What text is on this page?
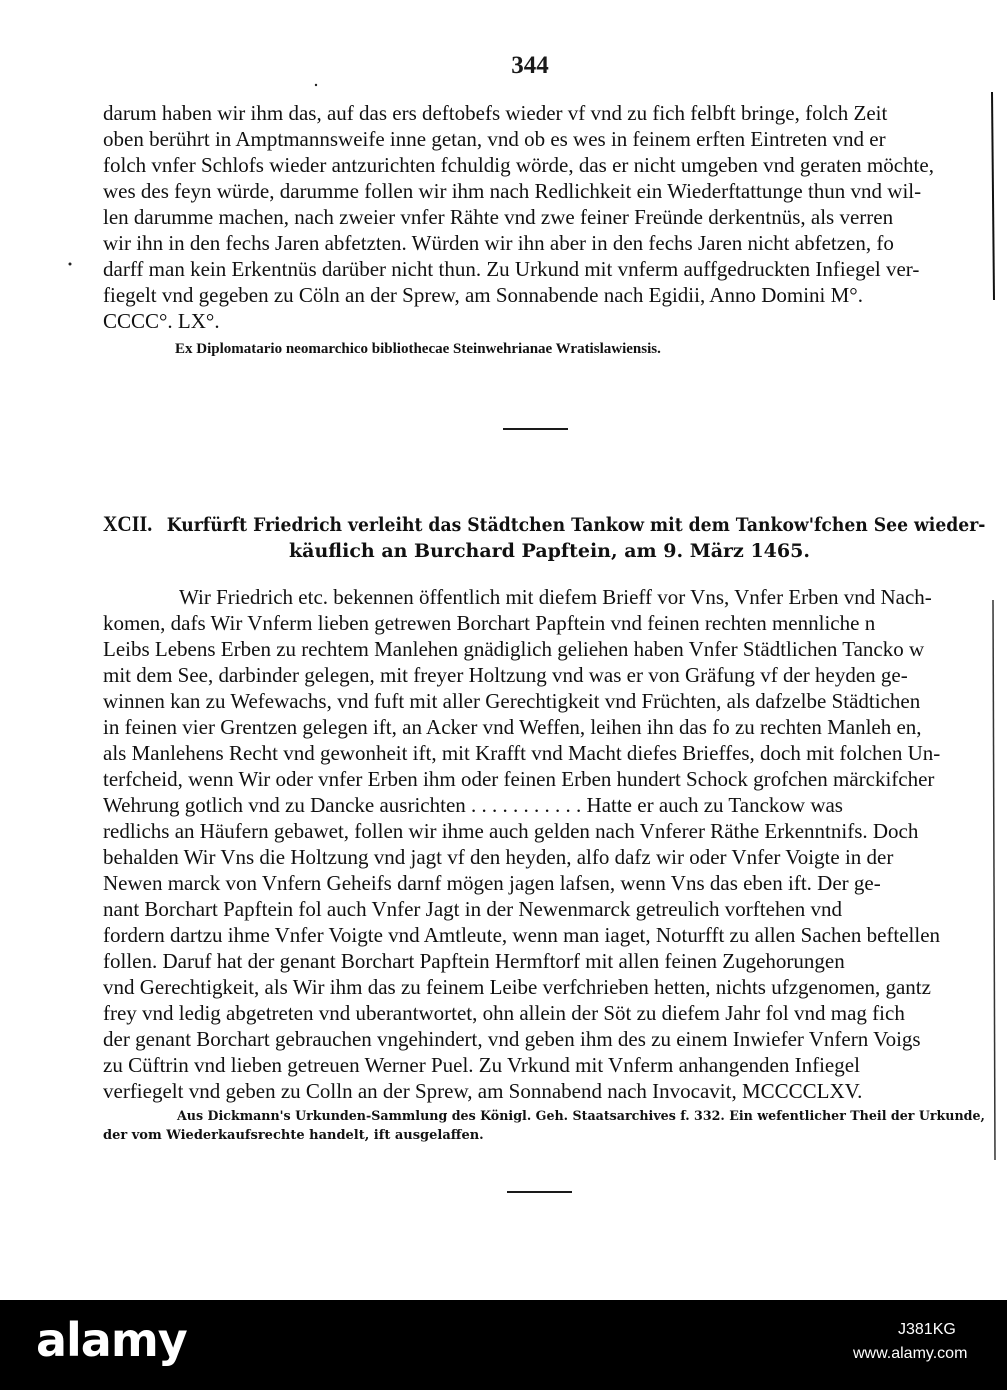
344
darum haben wir ihm das, auf das ers deftobefs wieder vf vnd zu fich felbft bringe, folch Zeit
oben berührt in Amptmannsweife inne getan, vnd ob es wes in feinem erften Eintreten vnd er
folch vnfer Schlofs wieder antzurichten fchuldig wörde, das er nicht umgeben vnd geraten möchte,
wes des feyn würde, darumme follen wir ihm nach Redlichkeit ein Wiederftattunge thun vnd wil-
len darumme machen, nach zweier vnfer Rähte vnd zwe feiner Freünde derkentnüs, als verren
wir ihn in den fechs Jaren abfetzten. Würden wir ihn aber in den fechs Jaren nicht abfetzen, fo
darff man kein Erkentnüs darüber nicht thun. Zu Urkund mit vnferm auffgedruckten Infiegel ver-
fiegelt vnd gegeben zu Cöln an der Sprew, am Sonnabende nach Egidii, Anno Domini M°.
CCCC°. LX°.
Ex Diplomatario neomarchico bibliothecae Steinwehrianae Wratislawiensis.
XCII. Kurfürft Friedrich verleiht das Städtchen Tankow mit dem Tankow'fchen See wieder-
käuflich an Burchard Papftein, am 9. März 1465.
Wir Friedrich etc. bekennen öffentlich mit diefem Brieff vor Vns, Vnfer Erben vnd Nach-
komen, dafs Wir Vnferm lieben getrewen Borchart Papftein vnd feinen rechten mennliche n
Leibs Lebens Erben zu rechtem Manlehen gnädiglich geliehen haben Vnfer Städtlichen Tancko w
mit dem See, darbinder gelegen, mit freyer Holtzung vnd was er von Gräfung vf der heyden ge-
winnen kan zu Wefewachs, vnd fuft mit aller Gerechtigkeit vnd Früchten, als dafzelbe Städtichen
in feinen vier Grentzen gelegen ift, an Acker vnd Weffen, leihen ihn das fo zu rechten Manleh en,
als Manlehens Recht vnd gewonheit ift, mit Krafft vnd Macht diefes Brieffes, doch mit folchen Un-
terfcheid, wenn Wir oder vnfer Erben ihm oder feinen Erben hundert Schock grofchen märckifcher
Wehrung gotlich vnd zu Dancke ausrichten . . . . . . . . . . . Hatte er auch zu Tanckow was
redlichs an Häufern gebawet, follen wir ihme auch gelden nach Vnferer Räthe Erkenntnifs. Doch
behalden Wir Vns die Holtzung vnd jagt vf den heyden, alfo dafz wir oder Vnfer Voigte in der
Newen marck von Vnfern Geheifs darnf mögen jagen lafsen, wenn Vns das eben ift. Der ge-
nant Borchart Papftein fol auch Vnfer Jagt in der Newenmarck getreulich vorftehen vnd
fordern dartzu ihme Vnfer Voigte vnd Amtleute, wenn man iaget, Noturfft zu allen Sachen beftellen
follen. Daruf hat der genant Borchart Papftein Hermftorf mit allen feinen Zugehorungen
vnd Gerechtigkeit, als Wir ihm das zu feinem Leibe verfchrieben hetten, nichts ufzgenomen, gantz
frey vnd ledig abgetreten vnd uberantwortet, ohn allein der Söt zu diefem Jahr fol vnd mag fich
der genant Borchart gebrauchen vngehindert, vnd geben ihm des zu einem Inwiefer Vnfern Voigs
zu Cüftrin vnd lieben getreuen Werner Puel. Zu Vrkund mit Vnferm anhangenden Infiegel
verfiegelt vnd geben zu Colln an der Sprew, am Sonnabend nach Invocavit, MCCCCLXV.
Aus Dickmann's Urkunden-Sammlung des Königl. Geh. Staatsarchives f. 332. Ein wefentlicher Theil der Urkunde,
der vom Wiederkaufsrechte handelt, ift ausgelaffen.
alamy	J381KG
www.alamy.com
